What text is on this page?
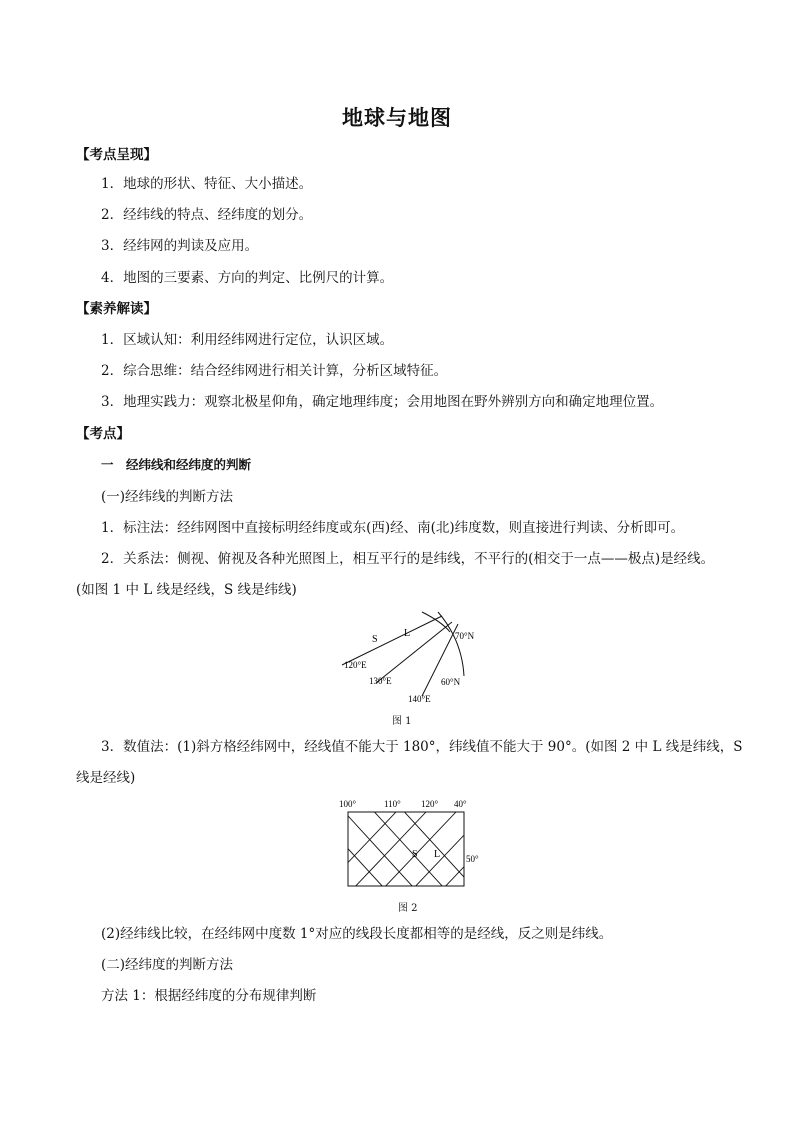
地球与地图
【考点呈现】
1．地球的形状、特征、大小描述。
2．经纬线的特点、经纬度的划分。
3．经纬网的判读及应用。
4．地图的三要素、方向的判定、比例尺的计算。
【素养解读】
1．区域认知：利用经纬网进行定位，认识区域。
2．综合思维：结合经纬网进行相关计算，分析区域特征。
3．地理实践力：观察北极星仰角，确定地理纬度；会用地图在野外辨别方向和确定地理位置。
【考点】
一　经纬线和经纬度的判断
(一)经纬线的判断方法
1．标注法：经纬网图中直接标明经纬度或东(西)经、南(北)纬度数，则直接进行判读、分析即可。
2．关系法：侧视、俯视及各种光照图上，相互平行的是纬线，不平行的(相交于一点——极点)是经线。
(如图 1 中 L 线是经线，S 线是纬线)
S
L	70°N
120°E
130°E	60°N
140°E
图 1
3．数值法：(1)斜方格经纬网中，经线值不能大于 180°，纬线值不能大于 90°。(如图 2 中 L 线是纬线，S
线是经线)
100°	110° 120° 40°
50°
S L
图 2
(2)经纬线比较，在经纬网中度数 1°对应的线段长度都相等的是经线，反之则是纬线。
(二)经纬度的判断方法
方法 1：根据经纬度的分布规律判断
